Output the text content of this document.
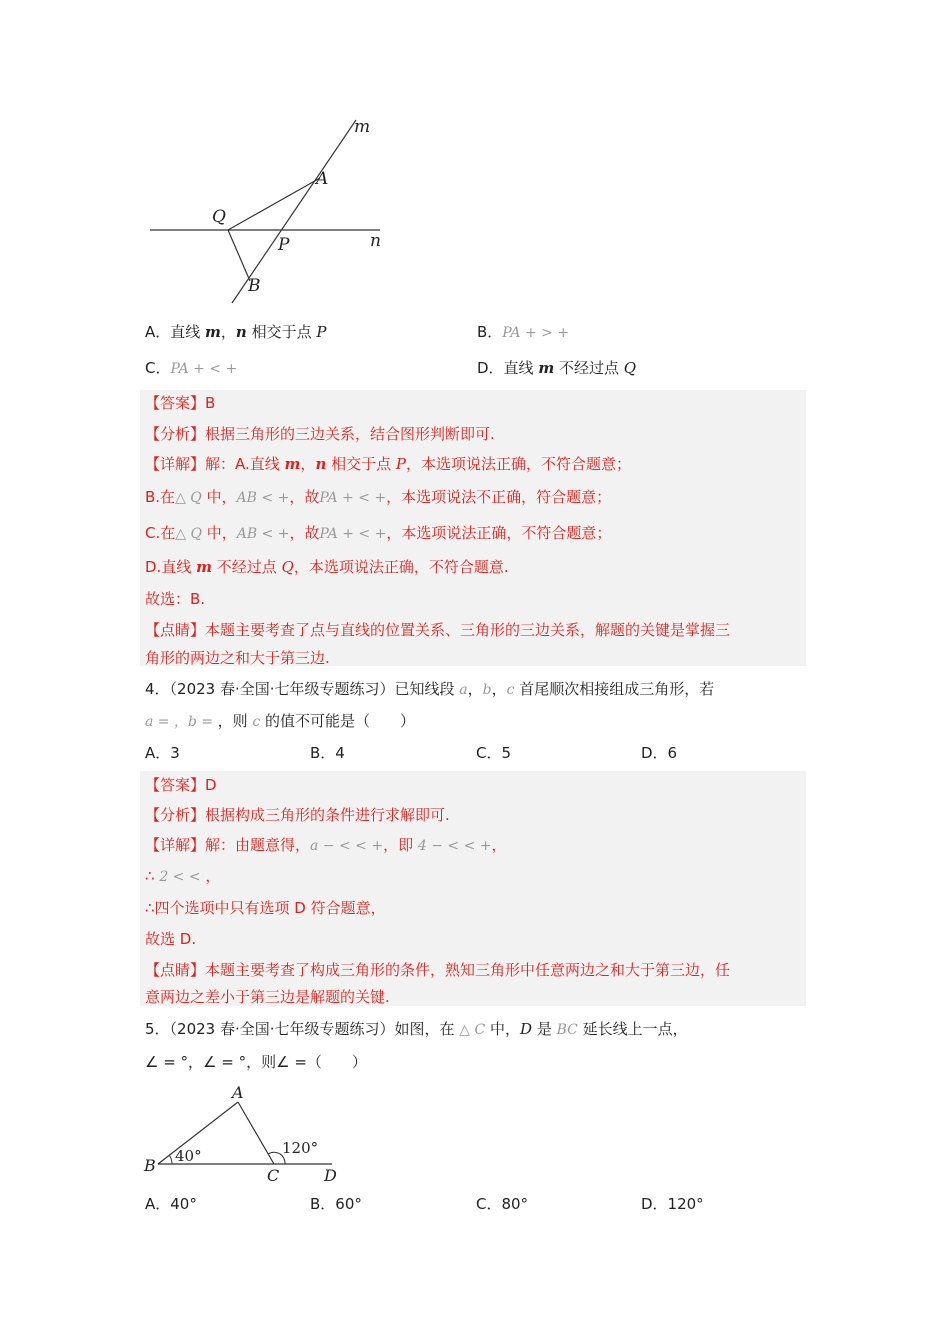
m
A
Q
P	n
B
A．直线 m，n 相交于点 P	B．PA + > +
C．PA + < +	D．直线 m 不经过点 Q
【答案】B
【分析】根据三角形的三边关系，结合图形判断即可.
【详解】解：A.直线 m，n 相交于点 P，本选项说法正确，不符合题意；
B.在△ Q 中，AB < +，故PA + < +，本选项说法不正确，符合题意；
C.在△ Q 中，AB < +，故PA + < +，本选项说法正确，不符合题意；
D.直线 m 不经过点 Q，本选项说法正确，不符合题意.
故选：B.
【点睛】本题主要考查了点与直线的位置关系、三角形的三边关系，解题的关键是掌握三
角形的两边之和大于第三边.
4．（2023 春·全国·七年级专题练习）已知线段 a，b，c 首尾顺次相接组成三角形，若
a = ，b = ，则 c 的值不可能是（　　）
A．3	B．4	C．5	D．6
【答案】D
【分析】根据构成三角形的条件进行求解即可.
【详解】解：由题意得，a − < < +，即 4 − < < +，
∴ 2 < < ，
∴四个选项中只有选项 D 符合题意，
故选 D.
【点睛】本题主要考查了构成三角形的条件，熟知三角形中任意两边之和大于第三边，任
意两边之差小于第三边是解题的关键.
5．（2023 春·全国·七年级专题练习）如图，在 △ C 中，D 是 BC 延长线上一点，
∠ = °，∠ = °，则∠ =（　　）
A
B
C	D
40°	120°
A．40°	B．60°	C．80°	D．120°
